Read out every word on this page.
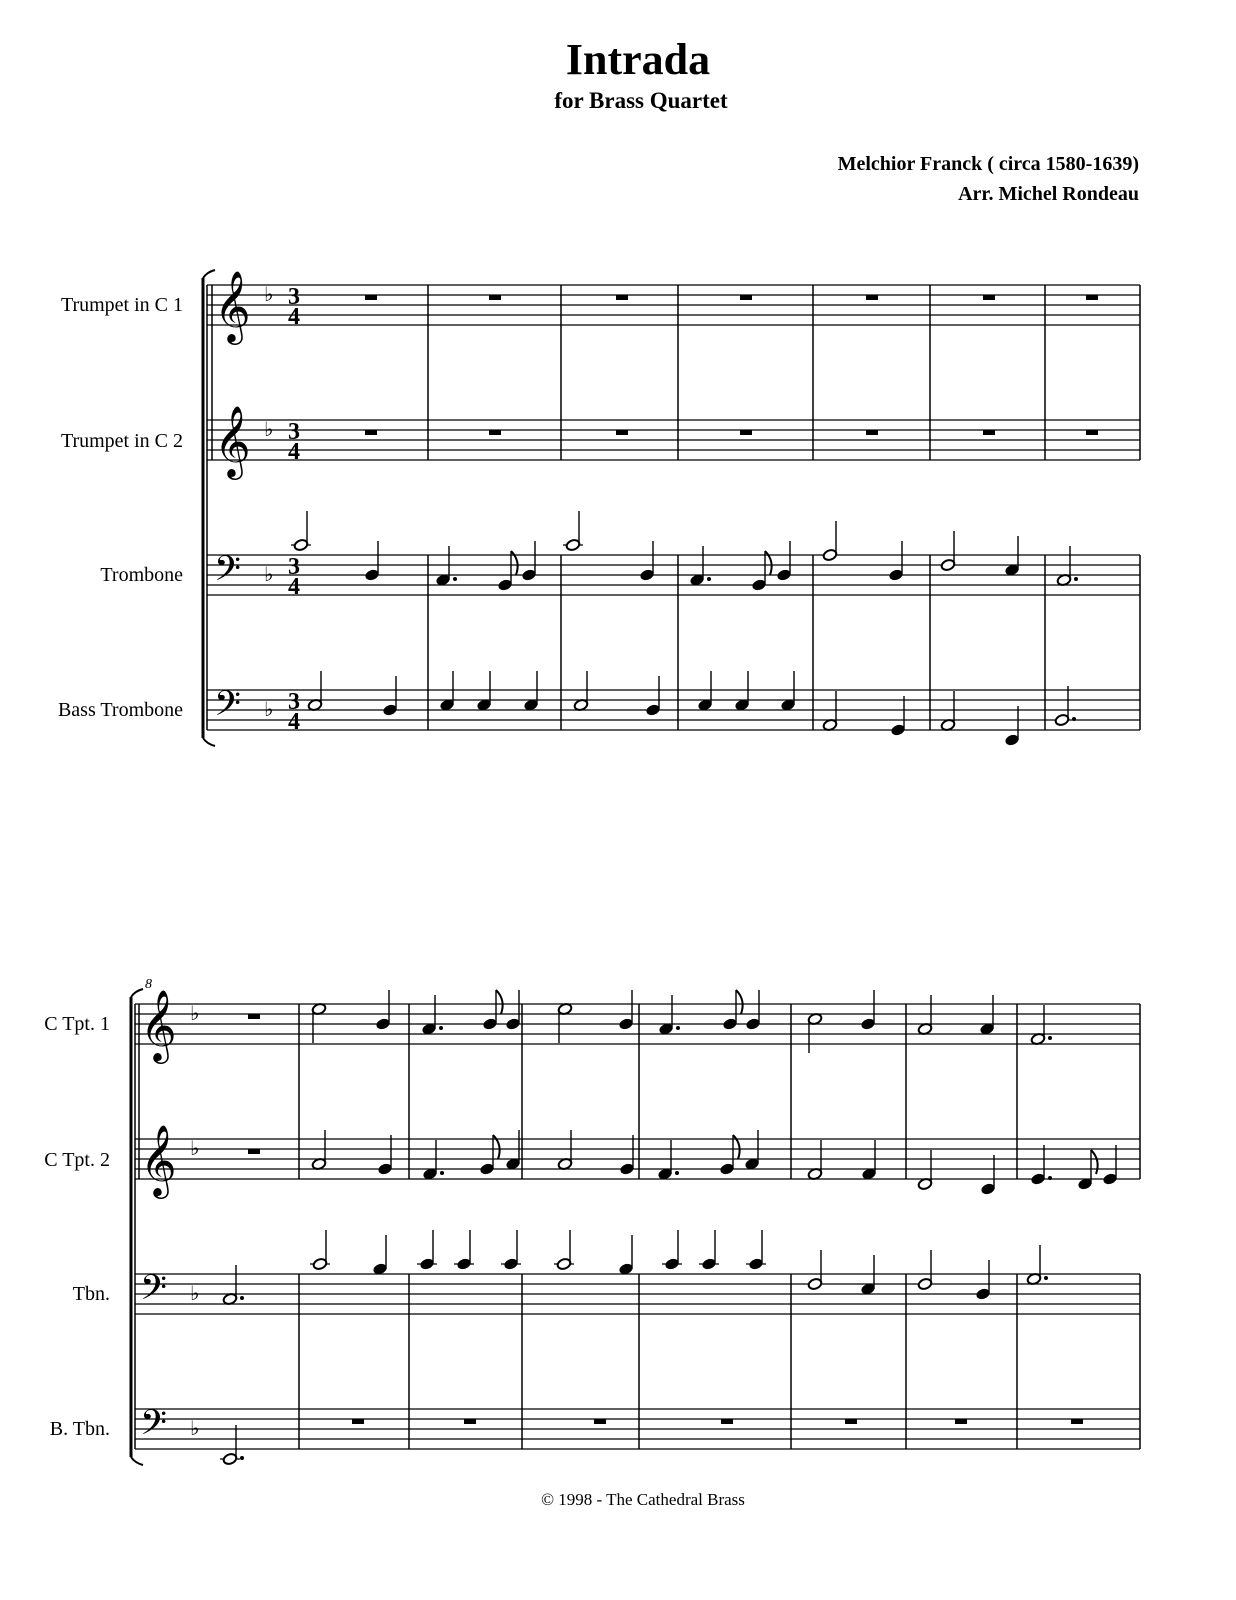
Intrada
for Brass Quartet
Melchior Franck ( circa 1580-1639)
Arr. Michel Rondeau
Trumpet in C 1
Trumpet in C 2
Trombone
Bass Trombone
C Tpt. 1
C Tpt. 2
Tbn.
B. Tbn.
𝄞 ♭ 3
4
𝄞 ♭ 3
4
𝄢 ♭ 3
4
𝄢 ♭ 3
4
𝄞 ♭
𝄞 ♭
𝄢 ♭
𝄢 ♭
8
© 1998 - The Cathedral Brass
